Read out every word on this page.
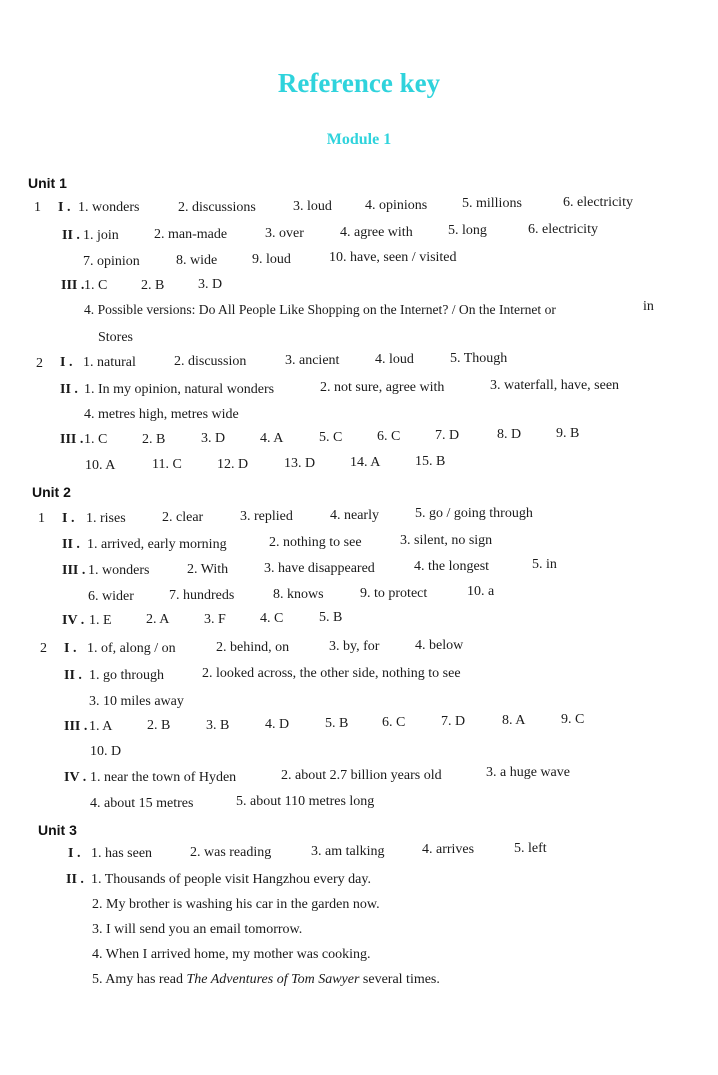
Reference key
Module 1
Unit 1
1 I . 1. wonders	2. discussions	3. loud 4. opinions 5. millions	6. electricity
II . 1. join	2. man-made	3. over	4. agree with	5. long	6. electricity
7. opinion	8. wide 9. loud	10. have, seen / visited
III . 1. C 2. B 3. D
4. Possible versions: Do All People Like Shopping on the Internet? / On the Internet or	in
Stores
2 I . 1. natural	2. discussion	3. ancient	4. loud	5. Though
II . 1. In my opinion, natural wonders	2. not sure, agree with	3. waterfall, have, seen
4. metres high, metres wide
III . 1. C 2. B	3. D 4. A	5. C 6. C 7. D	8. D 9. B
10. A	11. C	12. D	13. D 14. A 15. B
Unit 2
1 I . 1. rises	2. clear	3. replied	4. nearly	5. go / going through
II . 1. arrived, early morning	2. nothing to see	3. silent, no sign
III . 1. wonders	2. With	3. have disappeared	4. the longest	5. in
6. wider	7. hundreds	8. knows	9. to protect	10. a
IV . 1. E 2. A 3. F 4. C	5. B
2 I . 1. of, along / on	2. behind, on	3. by, for	4. below
II . 1. go through	2. looked across, the other side, nothing to see
3. 10 miles away
III . 1. A 2. B	3. B	4. D	5. B 6. C	7. D	8. A	9. C
10. D
IV . 1. near the town of Hyden	2. about 2.7 billion years old	3. a huge wave
4. about 15 metres	5. about 110 metres long
Unit 3
I . 1. has seen	2. was reading	3. am talking	4. arrives	5. left
II . 1. Thousands of people visit Hangzhou every day.
2. My brother is washing his car in the garden now.
3. I will send you an email tomorrow.
4. When I arrived home, my mother was cooking.
5. Amy has read The Adventures of Tom Sawyer several times.
